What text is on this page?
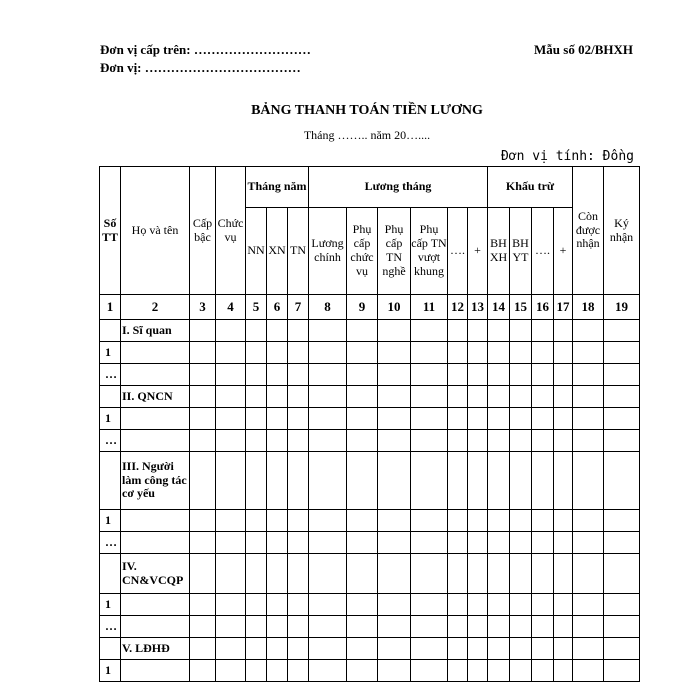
Đơn vị cấp trên: ………………………
Đơn vị: ………………………………
Mẫu số 02/BHXH
BẢNG THANH TOÁN TIỀN LƯƠNG
Tháng …….. năm 20…....
Đơn vị tính: Đồng
Số TT	Họ và tên	Cấp bậc	Chức vụ	Tháng năm			Lương tháng						Khấu trừ				Còn được nhận	Ký nhận
				NN	XN	TN	Lương chính	Phụ cấp chức vụ	Phụ cấp TN nghề	Phụ cấp TN vượt khung	….	+	BH XH	BH YT	….	+		
1	2	3	4	5	6	7	8	9	10	11	12	13	14	15	16	17	18	19
	I. Sĩ quan																	
1																		
…																		
	II. QNCN																	
1																		
…																		
	III. Người làm công tác cơ yếu																	
1																		
…																		
	IV. CN&VCQP																	
1																		
…																		
	V. LĐHĐ																	
1																		
